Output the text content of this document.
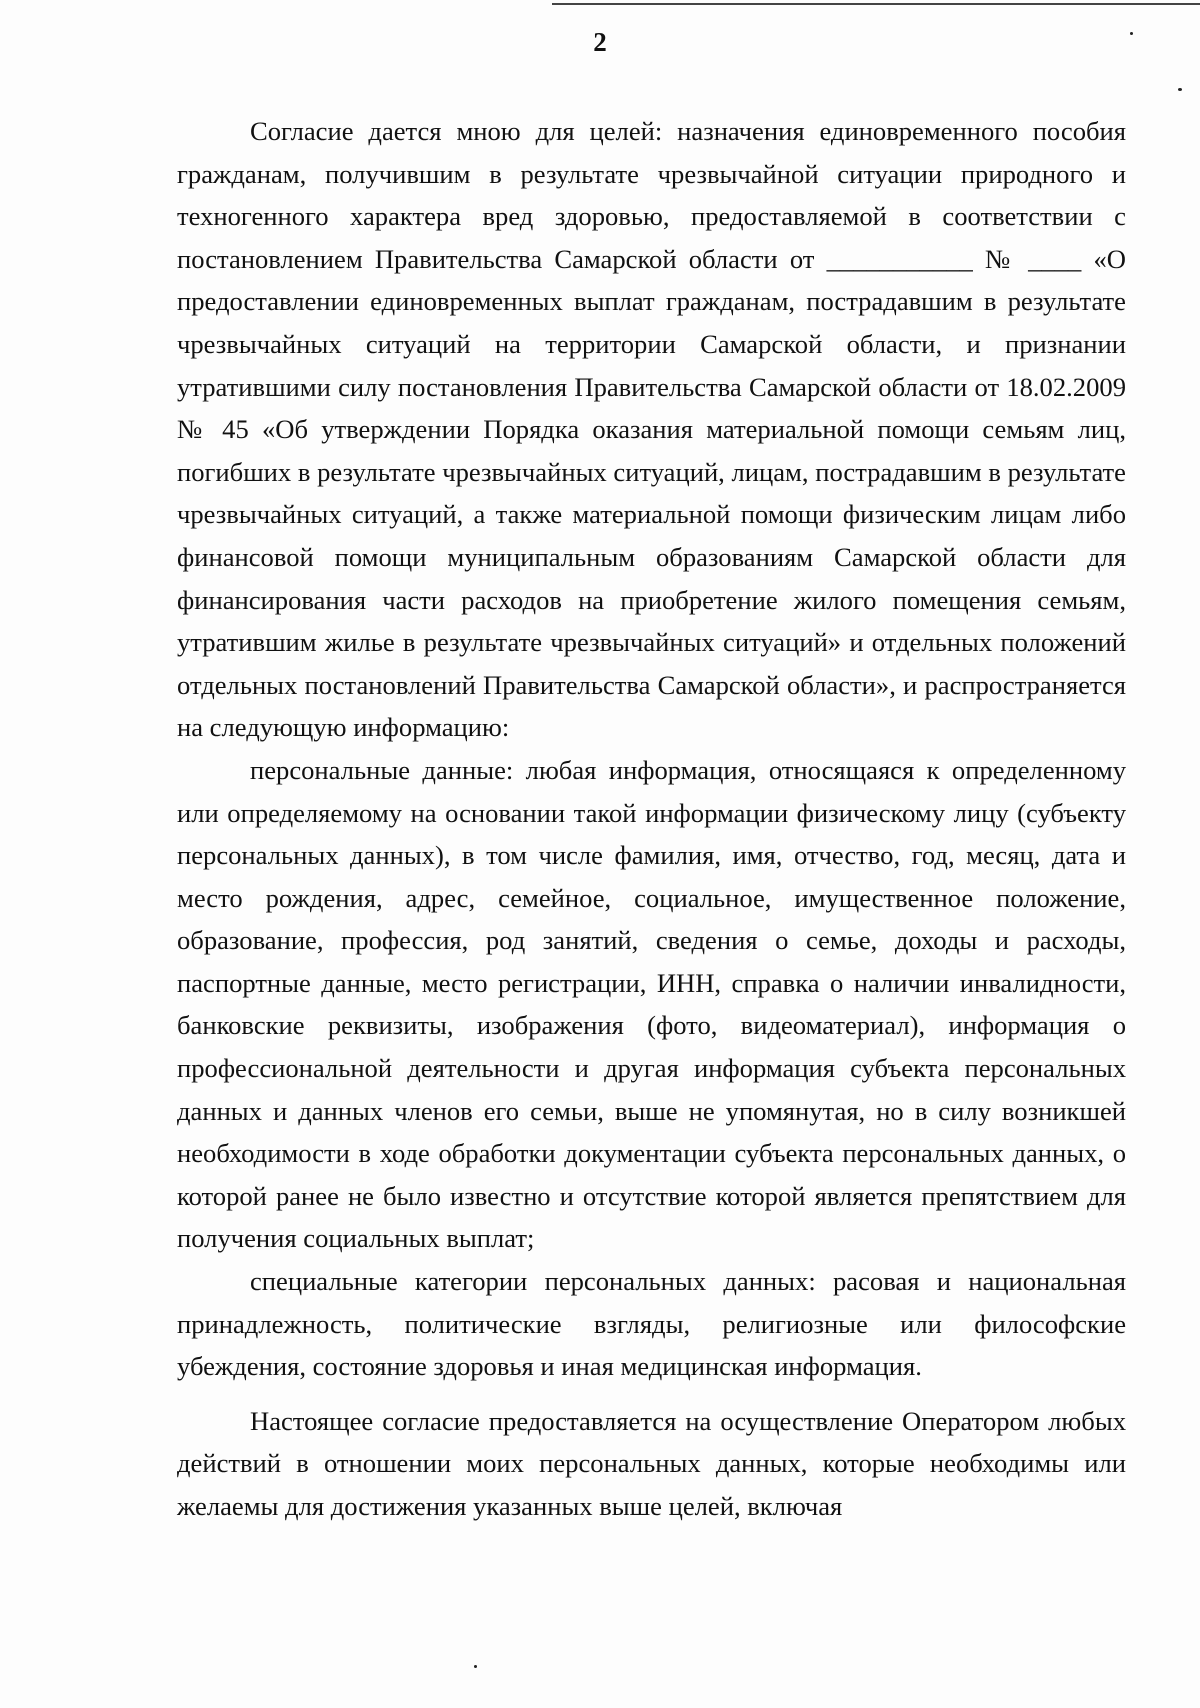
2

Согласие дается мною для целей: назначения единовременного пособия гражданам, получившим в результате чрезвычайной ситуации природного и техногенного характера вред здоровью, предоставляемой в соответствии с постановлением Правительства Самарской области от ___________ № ____ «О предоставлении единовременных выплат гражданам, пострадавшим в результате чрезвычайных ситуаций на территории Самарской области, и признании утратившими силу постановления Правительства Самарской области от 18.02.2009 № 45 «Об утверждении Порядка оказания материальной помощи семьям лиц, погибших в результате чрезвычайных ситуаций, лицам, пострадавшим в результате чрезвычайных ситуаций, а также материальной помощи физическим лицам либо финансовой помощи муниципальным образованиям Самарской области для финансирования части расходов на приобретение жилого помещения семьям, утратившим жилье в результате чрезвычайных ситуаций» и отдельных положений отдельных постановлений Правительства Самарской области», и распространяется на следующую информацию:

персональные данные: любая информация, относящаяся к определенному или определяемому на основании такой информации физическому лицу (субъекту персональных данных), в том числе фамилия, имя, отчество, год, месяц, дата и место рождения, адрес, семейное, социальное, имущественное положение, образование, профессия, род занятий, сведения о семье, доходы и расходы, паспортные данные, место регистрации, ИНН, справка о наличии инвалидности, банковские реквизиты, изображения (фото, видеоматериал), информация о профессиональной деятельности и другая информация субъекта персональных данных и данных членов его семьи, выше не упомянутая, но в силу возникшей необходимости в ходе обработки документации субъекта персональных данных, о которой ранее не было известно и отсутствие которой является препятствием для получения социальных выплат;

специальные категории персональных данных: расовая и национальная принадлежность, политические взгляды, религиозные или философские убеждения, состояние здоровья и иная медицинская информация.

Настоящее согласие предоставляется на осуществление Оператором любых действий в отношении моих персональных данных, которые необходимы или желаемы для достижения указанных выше целей, включая
